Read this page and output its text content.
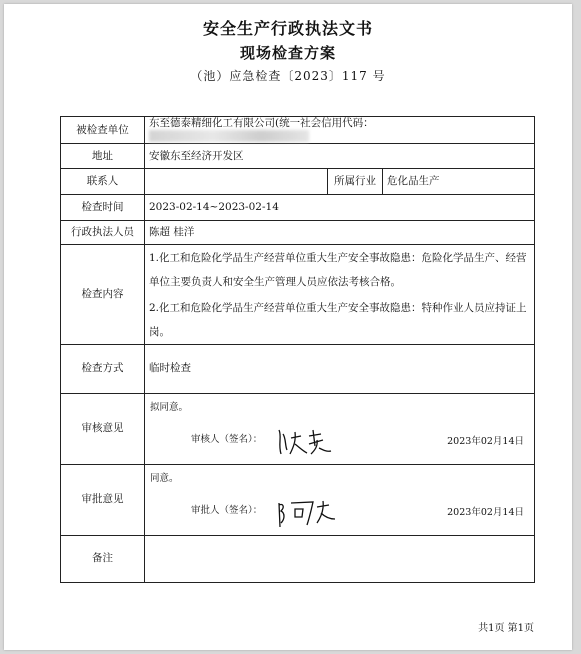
安全生产行政执法文书
现场检查方案
（池）应急检查〔2023〕117 号
被检查单位	东至德泰精细化工有限公司(统一社会信用代码：		
地址	安徽东至经济开发区		
联系人		所属行业	危化品生产
检查时间	2023-02-14~2023-02-14		
行政执法人员	陈超 桂洋		
检查内容	1.化工和危险化学品生产经营单位重大生产安全事故隐患：危险化学品生产、经营单位主要负责人和安全生产管理人员应依法考核合格。

2.化工和危险化学品生产经营单位重大生产安全事故隐患：特种作业人员应持证上岗。		

检查方式	临时检查		
审核意见	拟同意。
审核人（签名）： 2023年02月14日		

审批意见	同意。
审批人（签名）： 2023年02月14日		

备注			
共1页 第1页
